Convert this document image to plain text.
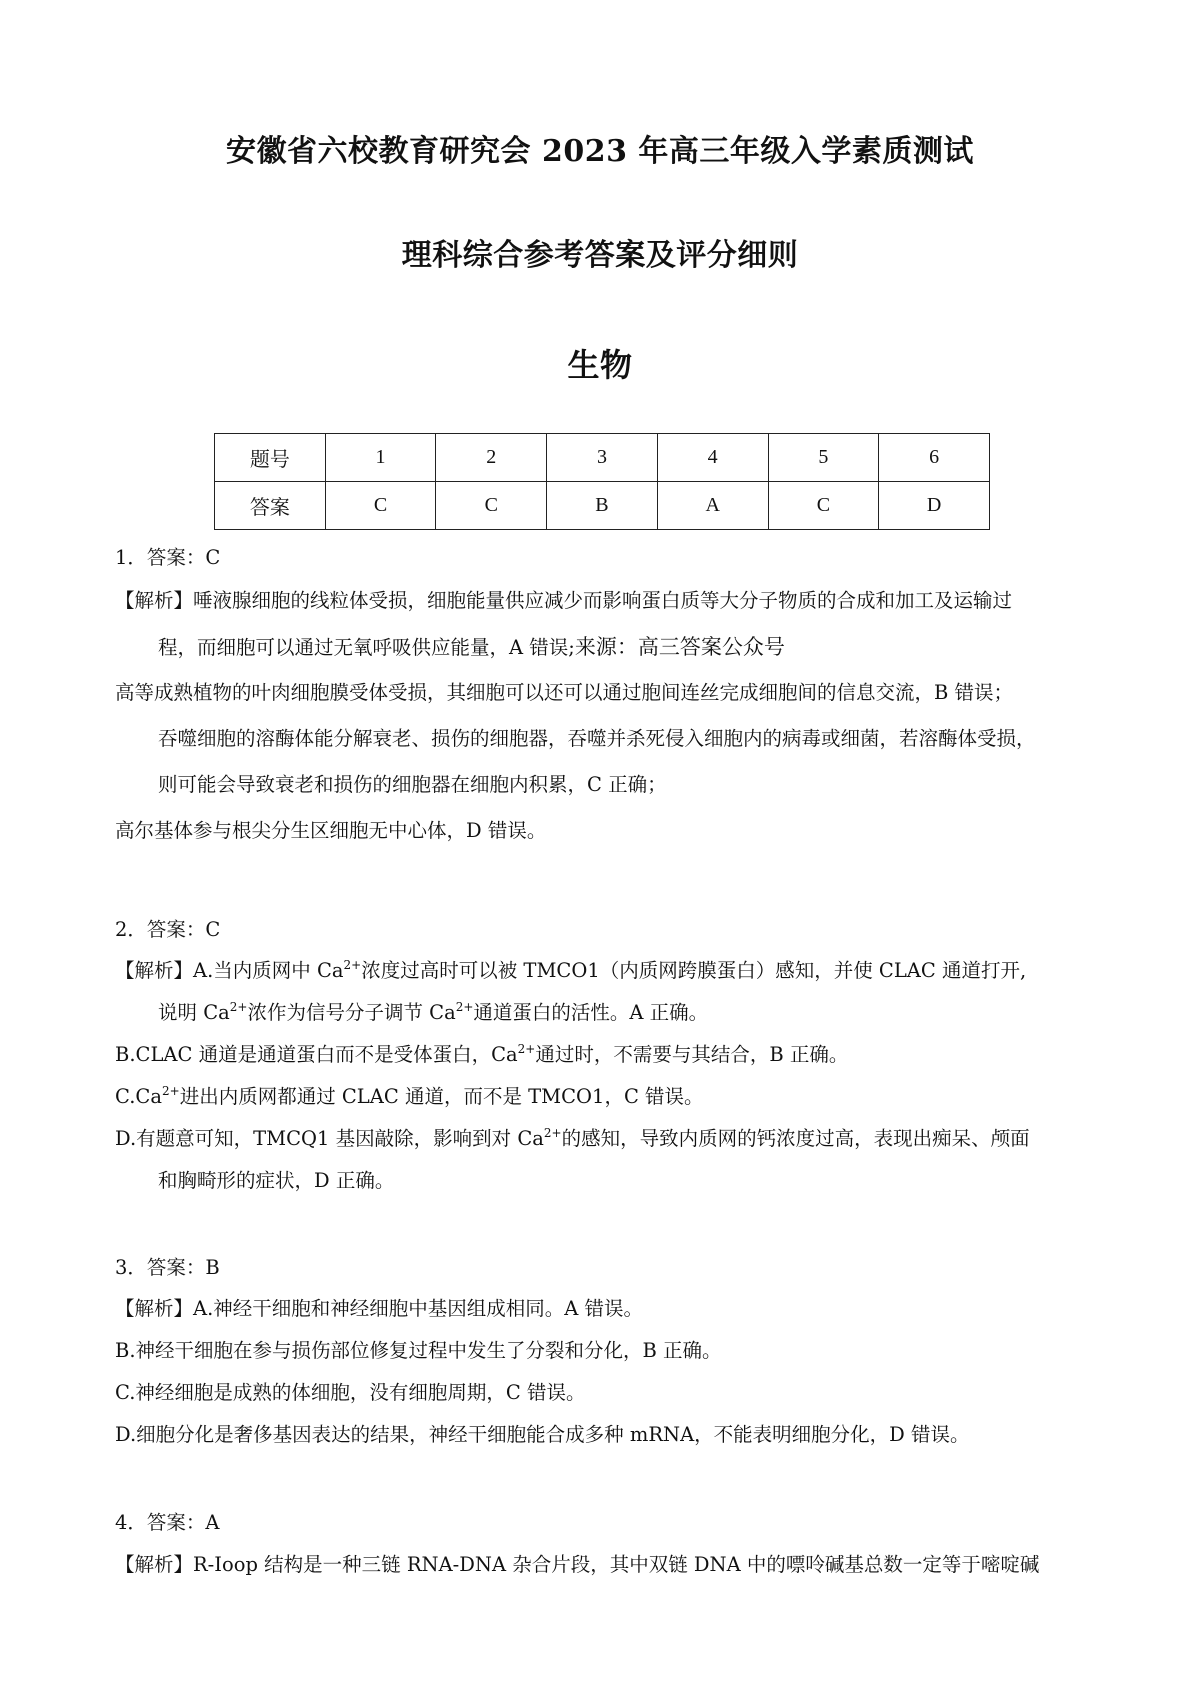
安徽省六校教育研究会 2023 年高三年级入学素质测试
理科综合参考答案及评分细则
生物
题号	1	2	3	4	5	6
答案	C	C	B	A	C	D
1．答案：C
【解析】唾液腺细胞的线粒体受损，细胞能量供应减少而影响蛋白质等大分子物质的合成和加工及运输过
程，而细胞可以通过无氧呼吸供应能量，A 错误;来源：高三答案公众号
高等成熟植物的叶肉细胞膜受体受损，其细胞可以还可以通过胞间连丝完成细胞间的信息交流，B 错误；
吞噬细胞的溶酶体能分解衰老、损伤的细胞器，吞噬并杀死侵入细胞内的病毒或细菌，若溶酶体受损，
则可能会导致衰老和损伤的细胞器在细胞内积累，C 正确；
高尔基体参与根尖分生区细胞无中心体，D 错误。
2．答案：C
【解析】A.当内质网中 $Ca^{2+}$浓度过高时可以被 TMCO1（内质网跨膜蛋白）感知，并使 CLAC 通道打开,
说明 $Ca^{2+}$浓作为信号分子调节 $Ca^{2+}$通道蛋白的活性。A 正确。
B.CLAC 通道是通道蛋白而不是受体蛋白，$Ca^{2+}$通过时，不需要与其结合，B 正确。
$C.Ca^{2+}$进出内质网都通过 CLAC 通道，而不是 TMCO1，C 错误。
D.有题意可知，TMCQ1 基因敲除，影响到对 $Ca^{2+}$的感知，导致内质网的钙浓度过高，表现出痴呆、颅面
和胸畸形的症状，D 正确。
3．答案：B
【解析】A.神经干细胞和神经细胞中基因组成相同。A 错误。
B.神经干细胞在参与损伤部位修复过程中发生了分裂和分化，B 正确。
C.神经细胞是成熟的体细胞，没有细胞周期，C 错误。
D.细胞分化是奢侈基因表达的结果，神经干细胞能合成多种 mRNA，不能表明细胞分化，D 错误。
4．答案：A
【解析】R-Ioop 结构是一种三链 RNA-DNA 杂合片段，其中双链 DNA 中的嘌呤碱基总数一定等于嘧啶碱
